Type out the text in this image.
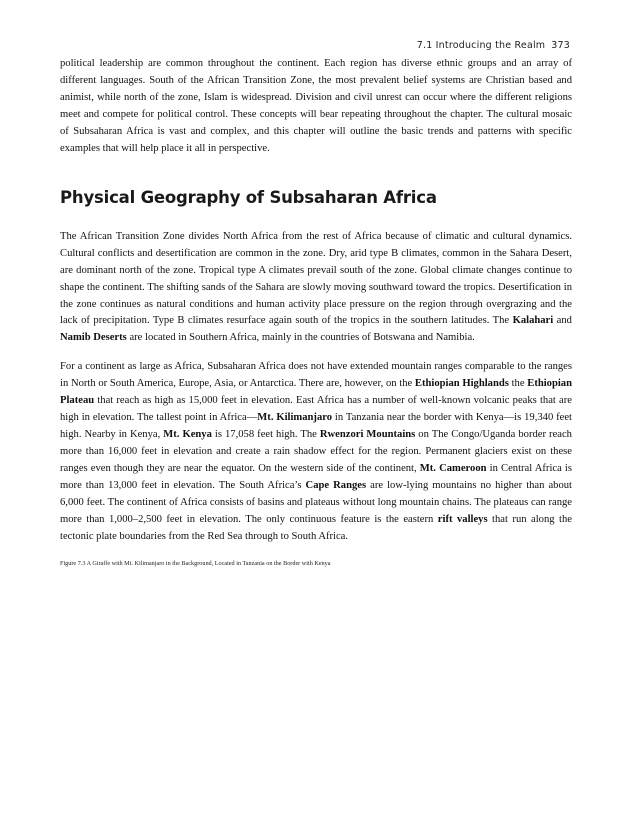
7.1 Introducing the Realm 373

political leadership are common throughout the continent. Each region has diverse ethnic groups and an array of different languages. South of the African Transition Zone, the most prevalent belief systems are Christian based and animist, while north of the zone, Islam is widespread. Division and civil unrest can occur where the different religions meet and compete for political control. These concepts will bear repeating throughout the chapter. The cultural mosaic of Subsaharan Africa is vast and complex, and this chapter will outline the basic trends and patterns with specific examples that will help place it all in perspective.

Physical Geography of Subsaharan Africa

The African Transition Zone divides North Africa from the rest of Africa because of climatic and cultural dynamics. Cultural conflicts and desertification are common in the zone. Dry, arid type B climates, common in the Sahara Desert, are dominant north of the zone. Tropical type A climates prevail south of the zone. Global climate changes continue to shape the continent. The shifting sands of the Sahara are slowly moving southward toward the tropics. Desertification in the zone continues as natural conditions and human activity place pressure on the region through overgrazing and the lack of precipitation. Type B climates resurface again south of the tropics in the southern latitudes. The Kalahari and Namib Deserts are located in Southern Africa, mainly in the countries of Botswana and Namibia.

For a continent as large as Africa, Subsaharan Africa does not have extended mountain ranges comparable to the ranges in North or South America, Europe, Asia, or Antarctica. There are, however, on the Ethiopian Highlands the Ethiopian Plateau that reach as high as 15,000 feet in elevation. East Africa has a number of well-known volcanic peaks that are high in elevation. The tallest point in Africa—Mt. Kilimanjaro in Tanzania near the border with Kenya—is 19,340 feet high. Nearby in Kenya, Mt. Kenya is 17,058 feet high. The Rwenzori Mountains on The Congo/Uganda border reach more than 16,000 feet in elevation and create a rain shadow effect for the region. Permanent glaciers exist on these ranges even though they are near the equator. On the western side of the continent, Mt. Cameroon in Central Africa is more than 13,000 feet in elevation. The South Africa’s Cape Ranges are low-lying mountains no higher than about 6,000 feet. The continent of Africa consists of basins and plateaus without long mountain chains. The plateaus can range more than 1,000–2,500 feet in elevation. The only continuous feature is the eastern rift valleys that run along the tectonic plate boundaries from the Red Sea through to South Africa.

Figure 7.3 A Giraffe with Mt. Kilimanjaro in the Background, Located in Tanzania on the Border with Kenya
